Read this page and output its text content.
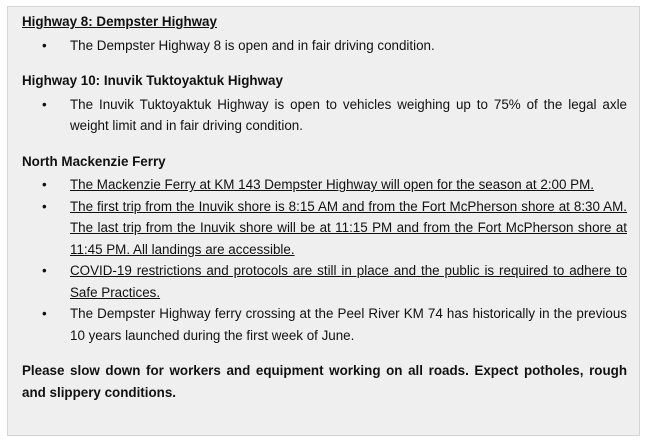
Highway 8: Dempster Highway

• The Dempster Highway 8 is open and in fair driving condition.

Highway 10: Inuvik Tuktoyaktuk Highway

• The Inuvik Tuktoyaktuk Highway is open to vehicles weighing up to 75% of the legal axle weight limit and in fair driving condition.

North Mackenzie Ferry

• The Mackenzie Ferry at KM 143 Dempster Highway will open for the season at 2:00 PM.
• The first trip from the Inuvik shore is 8:15 AM and from the Fort McPherson shore at 8:30 AM. The last trip from the Inuvik shore will be at 11:15 PM and from the Fort McPherson shore at 11:45 PM. All landings are accessible.
• COVID-19 restrictions and protocols are still in place and the public is required to adhere to Safe Practices.
• The Dempster Highway ferry crossing at the Peel River KM 74 has historically in the previous 10 years launched during the first week of June.

Please slow down for workers and equipment working on all roads. Expect potholes, rough and slippery conditions.
